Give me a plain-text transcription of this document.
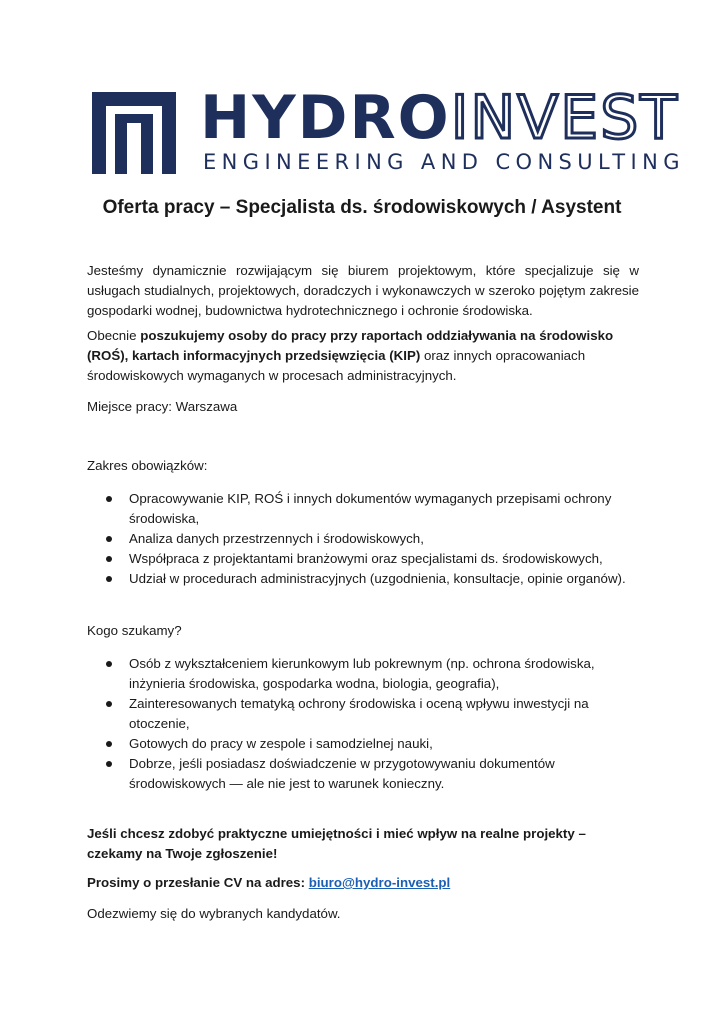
HYDROINVEST
ENGINEERING AND CONSULTING
Oferta pracy – Specjalista ds. środowiskowych / Asystent

Jesteśmy dynamicznie rozwijającym się biurem projektowym, które specjalizuje się w usługach studialnych, projektowych, doradczych i wykonawczych w szeroko pojętym zakresie gospodarki wodnej, budownictwa hydrotechnicznego i ochronie środowiska.

Obecnie poszukujemy osoby do pracy przy raportach oddziaływania na środowisko (ROŚ), kartach informacyjnych przedsięwzięcia (KIP) oraz innych opracowaniach środowiskowych wymaganych w procesach administracyjnych.

Miejsce pracy: Warszawa

Zakres obowiązków:

Opracowywanie KIP, ROŚ i innych dokumentów wymaganych przepisami ochrony środowiska,
Analiza danych przestrzennych i środowiskowych,
Współpraca z projektantami branżowymi oraz specjalistami ds. środowiskowych,
Udział w procedurach administracyjnych (uzgodnienia, konsultacje, opinie organów).

Kogo szukamy?

Osób z wykształceniem kierunkowym lub pokrewnym (np. ochrona środowiska, inżynieria środowiska, gospodarka wodna, biologia, geografia),
Zainteresowanych tematyką ochrony środowiska i oceną wpływu inwestycji na otoczenie,
Gotowych do pracy w zespole i samodzielnej nauki,
Dobrze, jeśli posiadasz doświadczenie w przygotowywaniu dokumentów środowiskowych — ale nie jest to warunek konieczny.

Jeśli chcesz zdobyć praktyczne umiejętności i mieć wpływ na realne projekty – czekamy na Twoje zgłoszenie!

Prosimy o przesłanie CV na adres: biuro@hydro-invest.pl

Odezwiemy się do wybranych kandydatów.
